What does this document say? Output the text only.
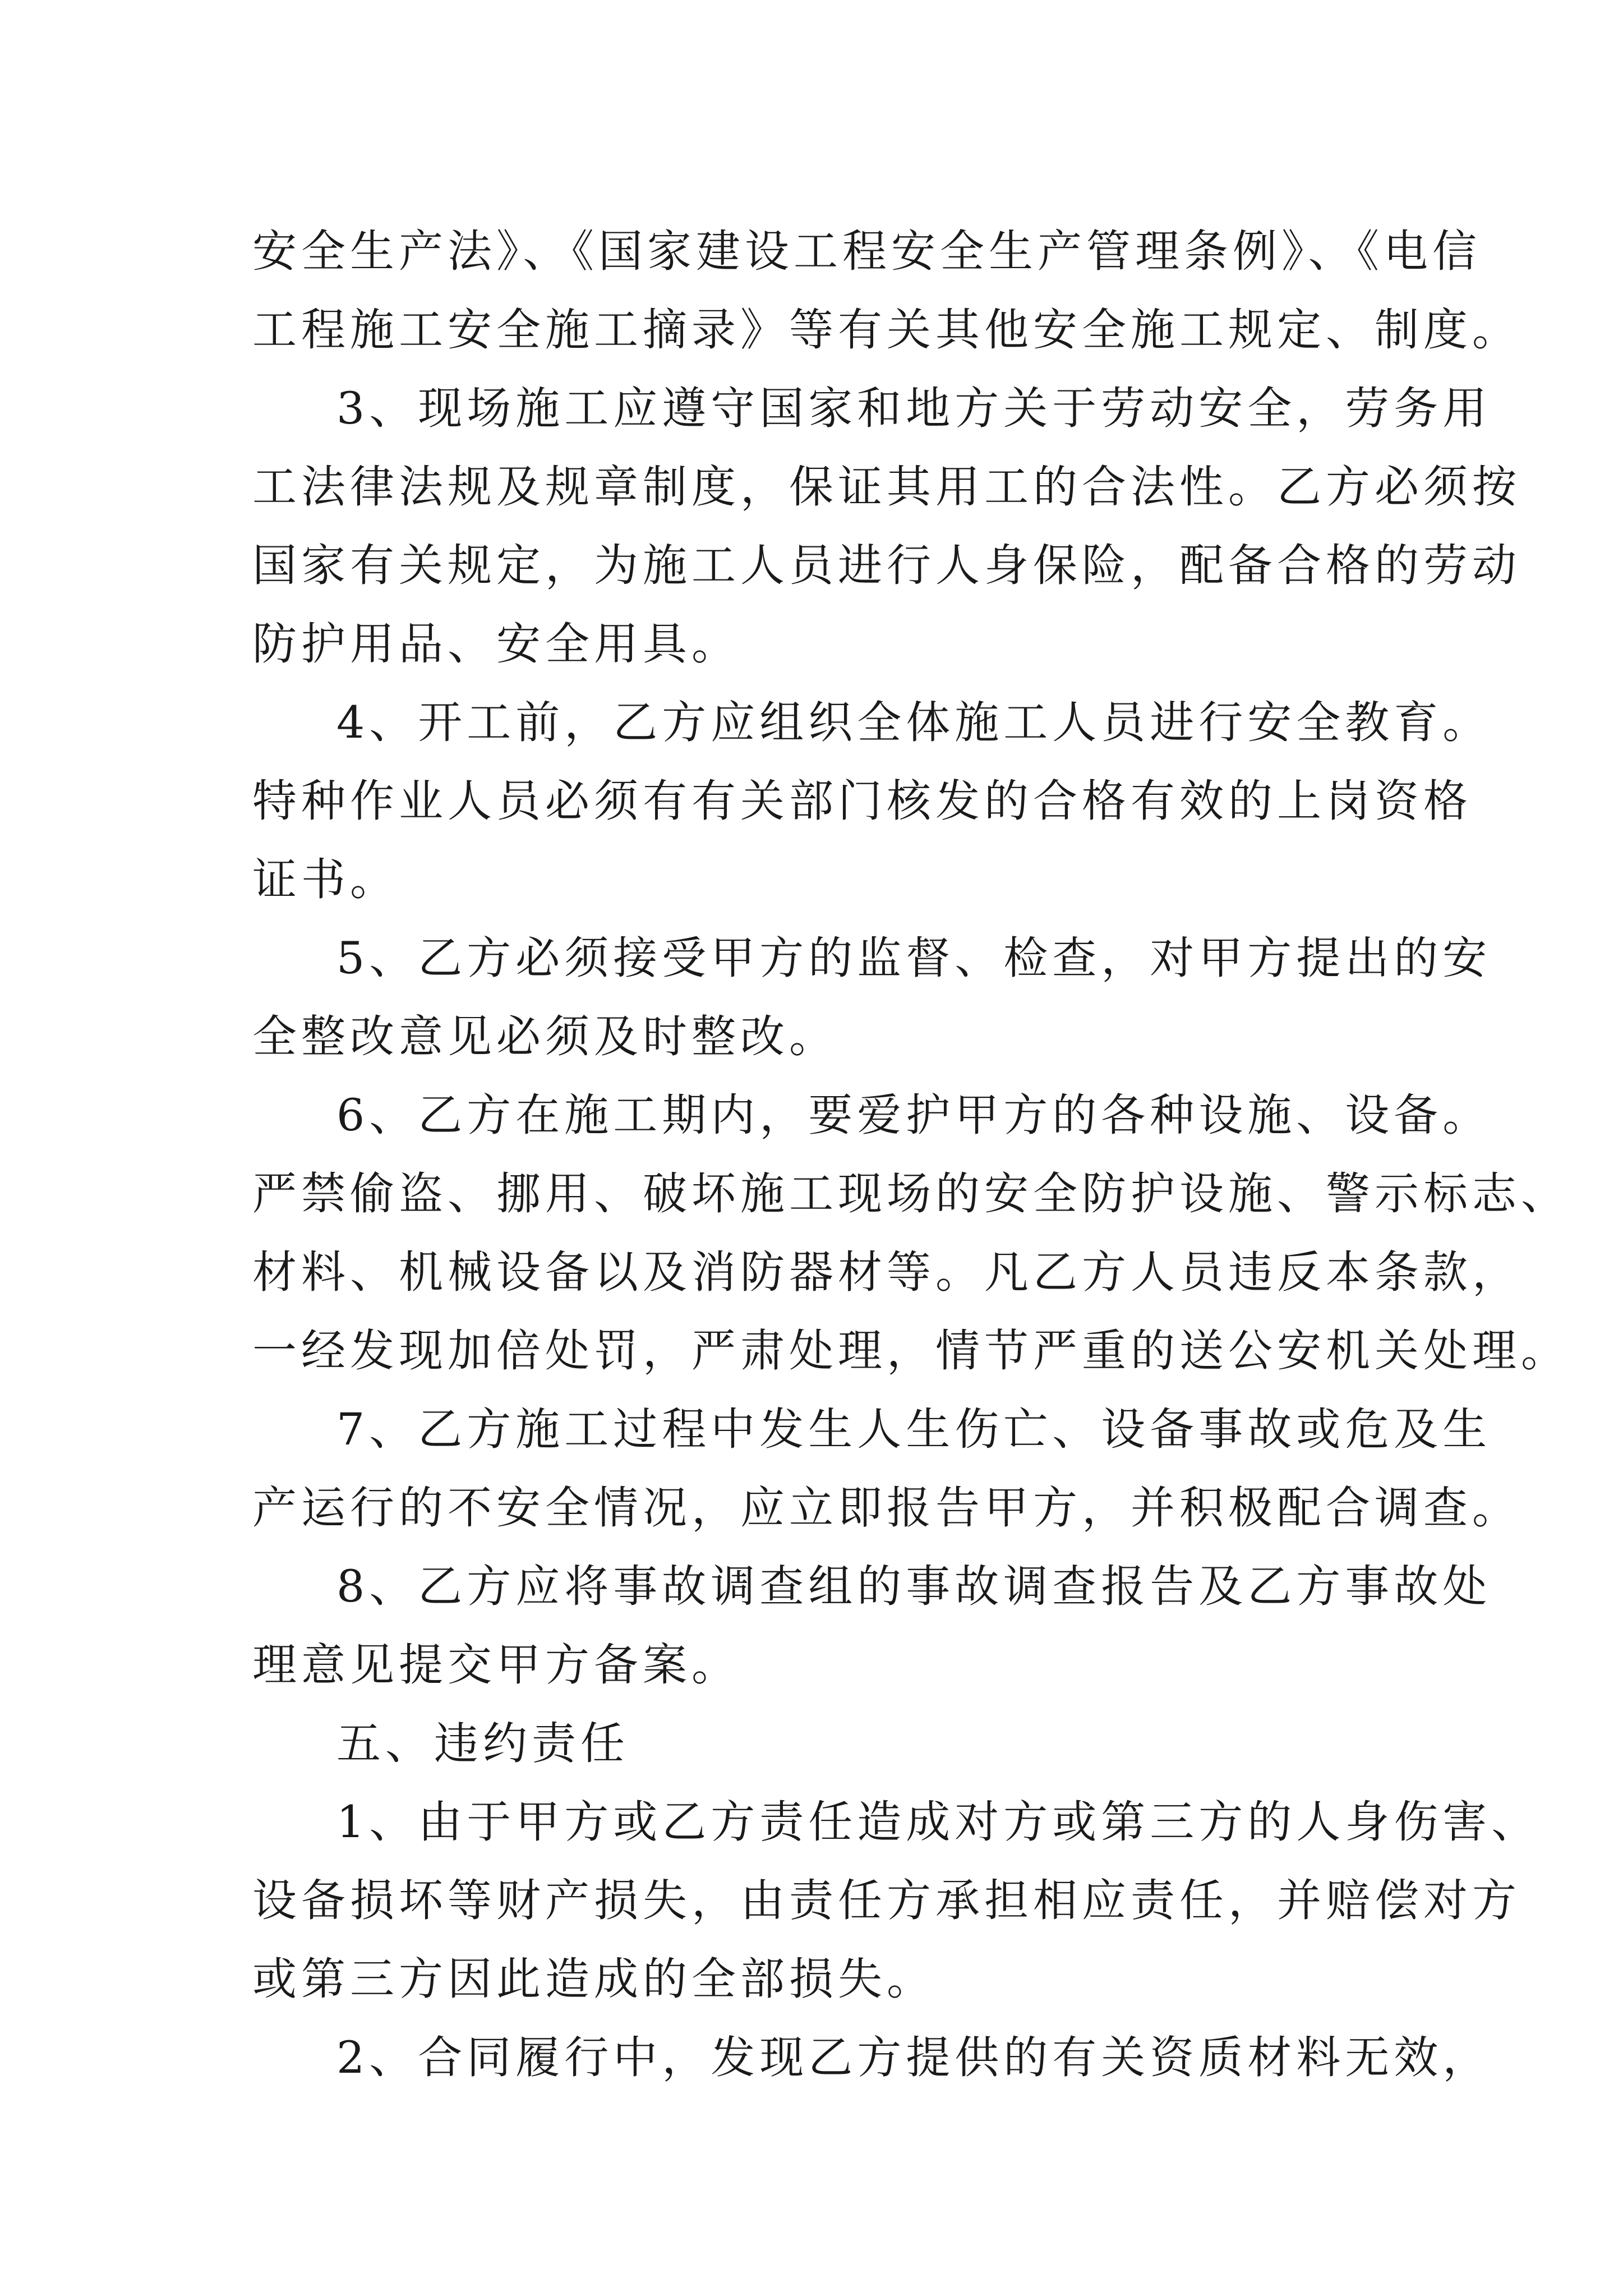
安全生产法》、《国家建设工程安全生产管理条例》、《电信
工程施工安全施工摘录》等有关其他安全施工规定、制度。
3、现场施工应遵守国家和地方关于劳动安全，劳务用
工法律法规及规章制度，保证其用工的合法性。乙方必须按
国家有关规定，为施工人员进行人身保险，配备合格的劳动
防护用品、安全用具。
4、开工前，乙方应组织全体施工人员进行安全教育。
特种作业人员必须有有关部门核发的合格有效的上岗资格
证书。
5、乙方必须接受甲方的监督、检查，对甲方提出的安
全整改意见必须及时整改。
6、乙方在施工期内，要爱护甲方的各种设施、设备。
严禁偷盗、挪用、破坏施工现场的安全防护设施、警示标志、
材料、机械设备以及消防器材等。凡乙方人员违反本条款，
一经发现加倍处罚，严肃处理，情节严重的送公安机关处理。
7、乙方施工过程中发生人生伤亡、设备事故或危及生
产运行的不安全情况，应立即报告甲方，并积极配合调查。
8、乙方应将事故调查组的事故调查报告及乙方事故处
理意见提交甲方备案。
五、违约责任
1、由于甲方或乙方责任造成对方或第三方的人身伤害、
设备损坏等财产损失，由责任方承担相应责任，并赔偿对方
或第三方因此造成的全部损失。
2、合同履行中，发现乙方提供的有关资质材料无效，
